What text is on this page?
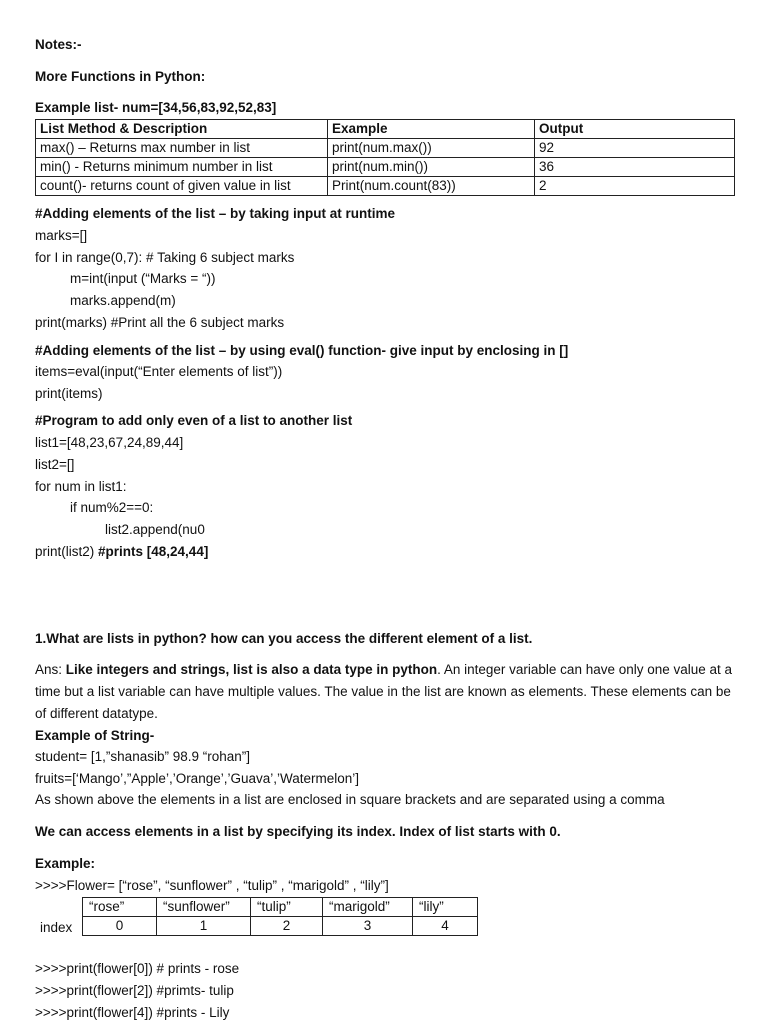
Notes:-
More Functions in Python:
Example list- num=[34,56,83,92,52,83]
List Method & Description	Example	Output
max() – Returns max number in list	print(num.max())	92
min() - Returns minimum number in list	print(num.min())	36
count()- returns count of given value in list	Print(num.count(83))	2
#Adding elements of the list – by taking input at runtime
marks=[]
for I in range(0,7): # Taking 6 subject marks
m=int(input (“Marks = “))
marks.append(m)
print(marks) #Print all the 6 subject marks
#Adding elements of the list – by using eval() function- give input by enclosing in []
items=eval(input(“Enter elements of list”))
print(items)
#Program to add only even of a list to another list
list1=[48,23,67,24,89,44]
list2=[]
for num in list1:
if num%2==0:
list2.append(nu0
print(list2) #prints [48,24,44]
1.What are lists in python? how can you access the different element of a list.
Ans: Like integers and strings, list is also a data type in python. An integer variable can have only one value at a time but a list variable can have multiple values. The value in the list are known as elements. These elements can be of different datatype.
Example of String-
student= [1,”shanasib” 98.9 “rohan”]
fruits=[‘Mango’,”Apple’,’Orange’,’Guava’,’Watermelon’]
As shown above the elements in a list are enclosed in square brackets and are separated using a comma
We can access elements in a list by specifying its index. Index of list starts with 0.
Example:
>>>>Flower= [“rose”, “sunflower” , “tulip” , “marigold” , “lily”]
“rose”	“sunflower”	“tulip”	“marigold”	“lily”
0	1	2	3	4
index
>>>>print(flower[0]) # prints - rose
>>>>print(flower[2]) #primts- tulip
>>>>print(flower[4]) #prints - Lily
